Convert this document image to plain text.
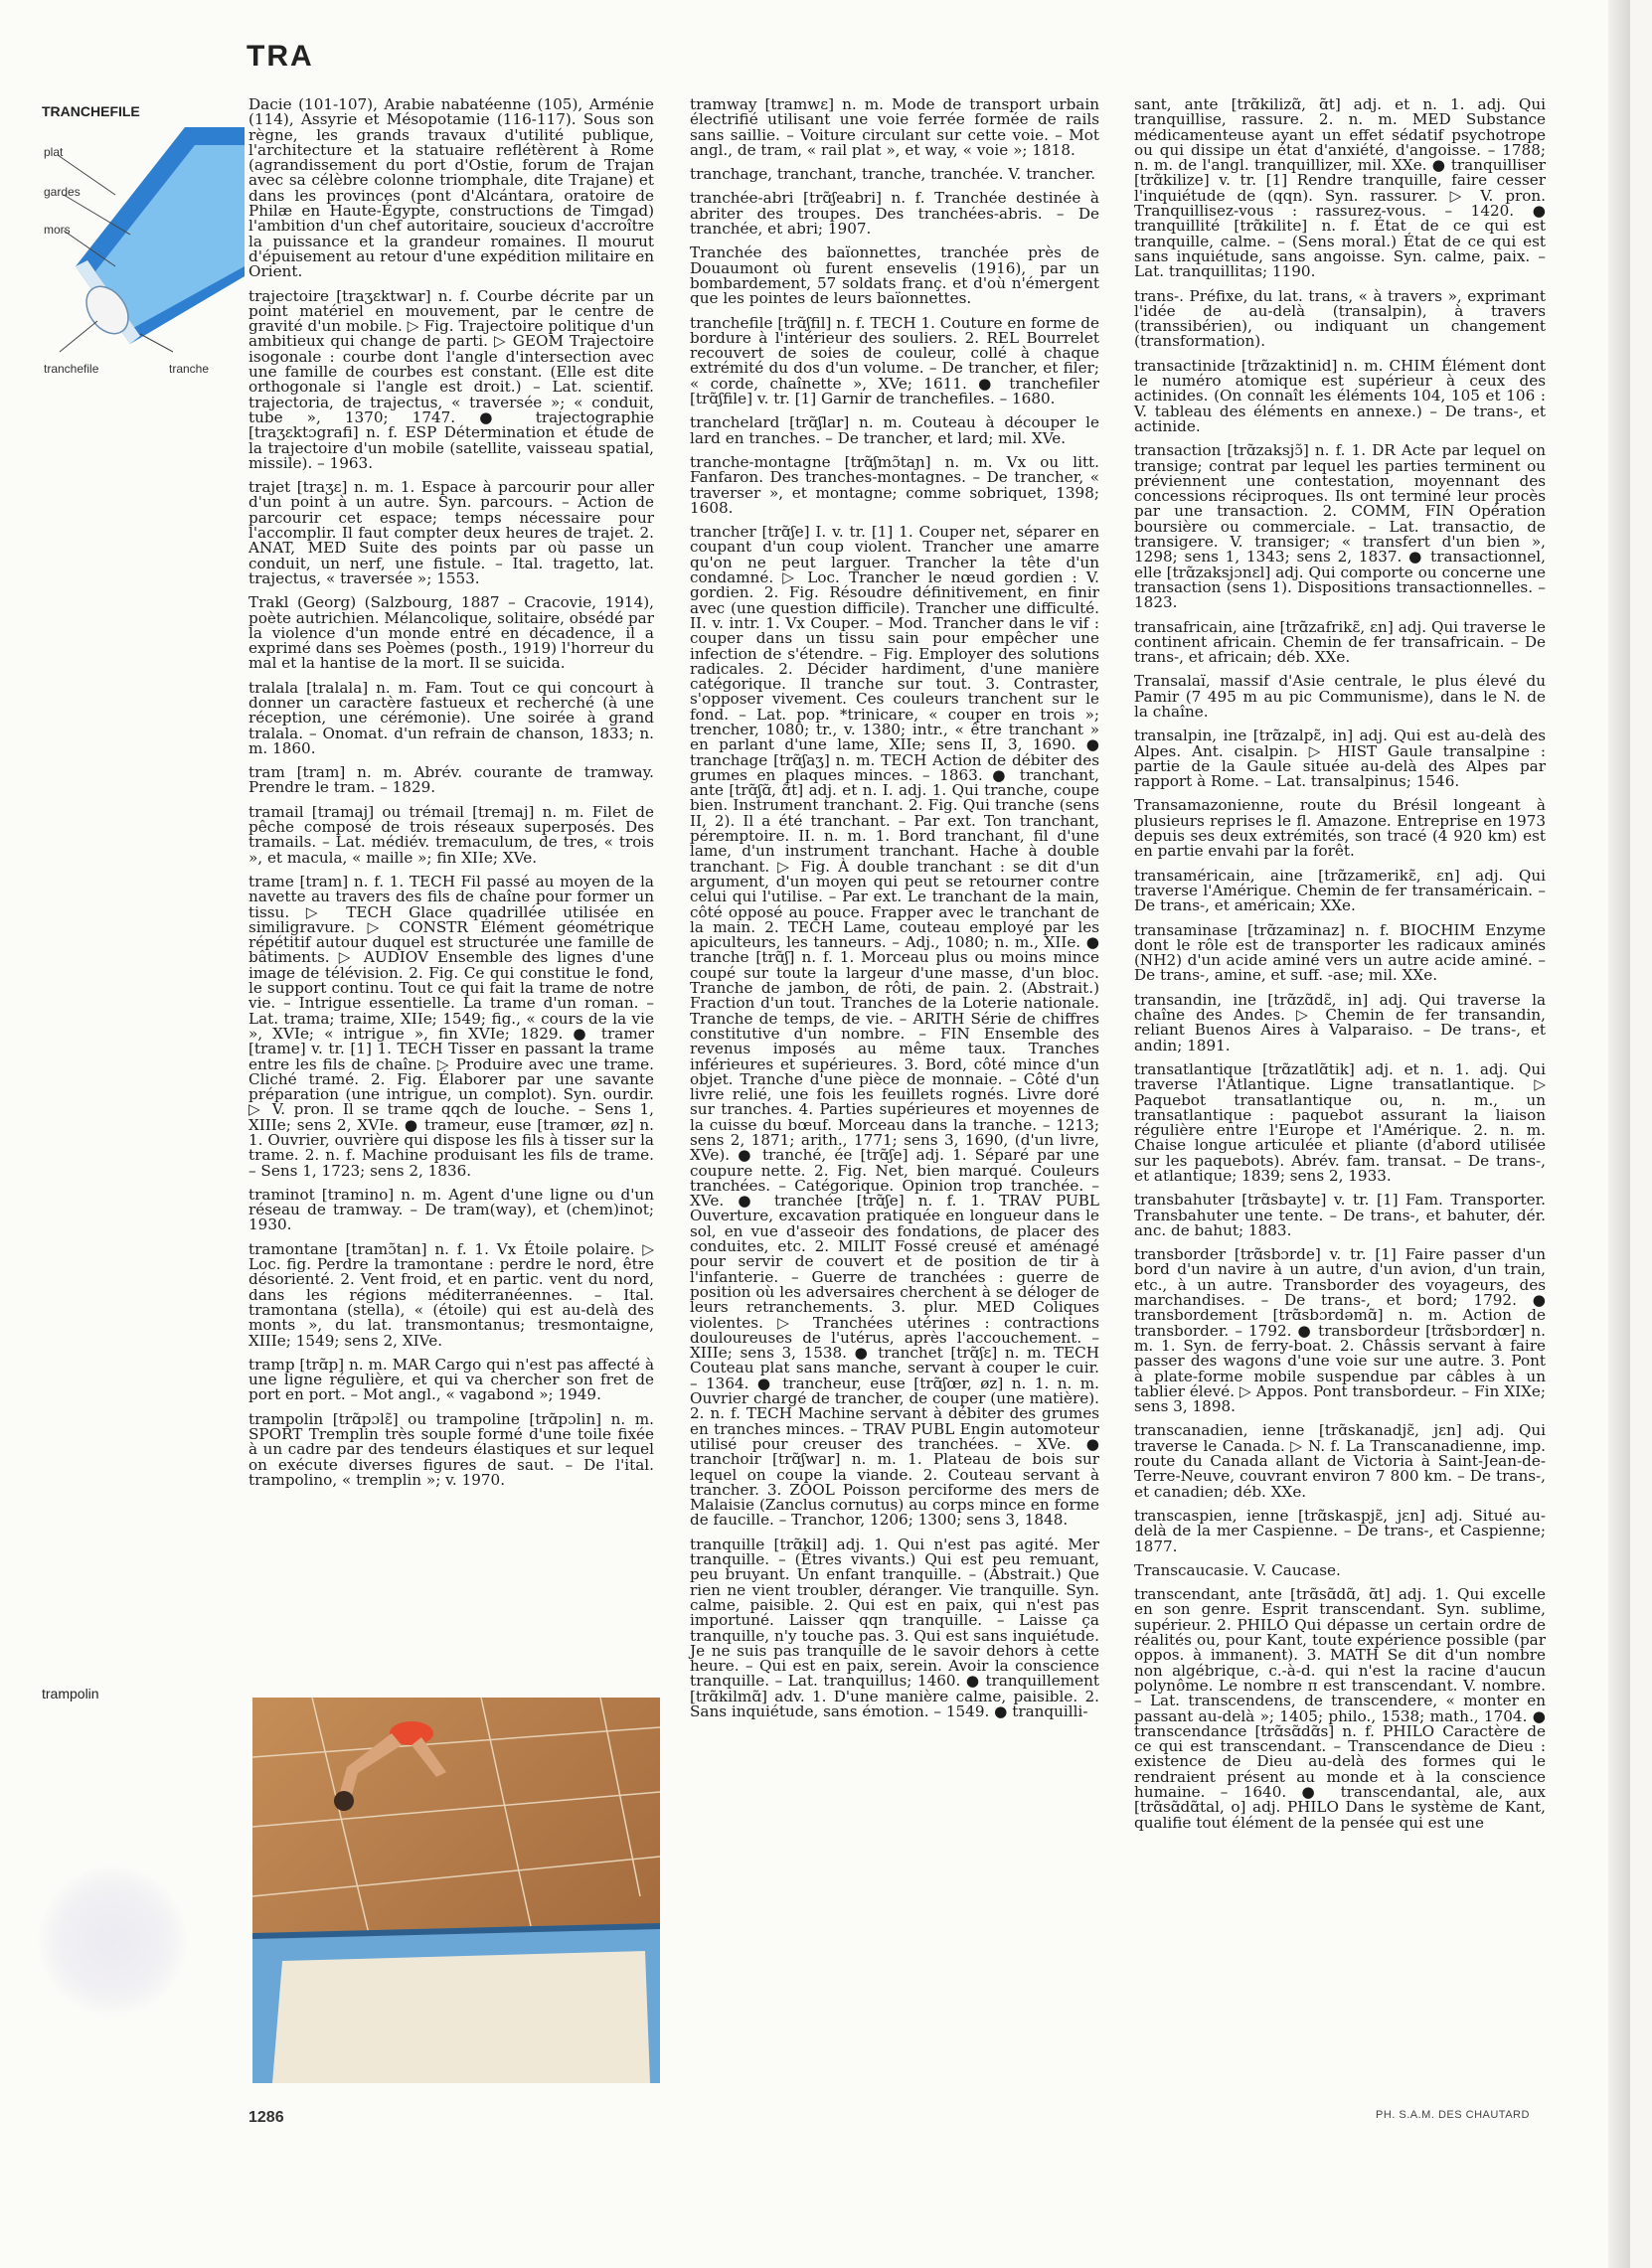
TRA
TRANCHEFILE
plat
gardes
mors
tranchefile	tranche
trampolin

Dacie (101-107), Arabie nabatéenne (105), Arménie (114), Assyrie et Mésopotamie (116-117). Sous son règne, les grands travaux d'utilité publique, l'architecture et la statuaire reflétèrent à Rome (agrandissement du port d'Ostie, forum de Trajan avec sa célèbre colonne triomphale, dite Trajane) et dans les provinces (pont d'Alcántara, oratoire de Philæ en Haute-Égypte, constructions de Timgad) l'ambition d'un chef autoritaire, soucieux d'accroître la puissance et la grandeur romaines. Il mourut d'épuisement au retour d'une expédition militaire en Orient.

trajectoire [traʒɛktwar] n. f. Courbe décrite par un point matériel en mouvement, par le centre de gravité d'un mobile. ▷ Fig. Trajectoire politique d'un ambitieux qui change de parti. ▷ GEOM Trajectoire isogonale : courbe dont l'angle d'intersection avec une famille de courbes est constant. (Elle est dite orthogonale si l'angle est droit.) – Lat. scientif. trajectoria, de trajectus, « traversée »; « conduit, tube », 1370; 1747. ● trajectographie [traʒɛktɔgrafi] n. f. ESP Détermination et étude de la trajectoire d'un mobile (satellite, vaisseau spatial, missile). – 1963.

trajet [traʒɛ] n. m. 1. Espace à parcourir pour aller d'un point à un autre. Syn. parcours. – Action de parcourir cet espace; temps nécessaire pour l'accomplir. Il faut compter deux heures de trajet. 2. ANAT, MED Suite des points par où passe un conduit, un nerf, une fistule. – Ital. tragetto, lat. trajectus, « traversée »; 1553.

Trakl (Georg) (Salzbourg, 1887 – Cracovie, 1914), poète autrichien. Mélancolique, solitaire, obsédé par la violence d'un monde entré en décadence, il a exprimé dans ses Poèmes (posth., 1919) l'horreur du mal et la hantise de la mort. Il se suicida.

tralala [tralala] n. m. Fam. Tout ce qui concourt à donner un caractère fastueux et recherché (à une réception, une cérémonie). Une soirée à grand tralala. – Onomat. d'un refrain de chanson, 1833; n. m. 1860.

tram [tram] n. m. Abrév. courante de tramway. Prendre le tram. – 1829.

tramail [tramaj] ou trémail [tremaj] n. m. Filet de pêche composé de trois réseaux superposés. Des tramails. – Lat. médiév. tremaculum, de tres, « trois », et macula, « maille »; fin XIIe; XVe.

trame [tram] n. f. 1. TECH Fil passé au moyen de la navette au travers des fils de chaîne pour former un tissu. ▷ TECH Glace quadrillée utilisée en similigravure. ▷ CONSTR Élément géométrique répétitif autour duquel est structurée une famille de bâtiments. ▷ AUDIOV Ensemble des lignes d'une image de télévision. 2. Fig. Ce qui constitue le fond, le support continu. Tout ce qui fait la trame de notre vie. – Intrigue essentielle. La trame d'un roman. – Lat. trama; traime, XIIe; 1549; fig., « cours de la vie », XVIe; « intrigue », fin XVIe; 1829. ● tramer [trame] v. tr. [1] 1. TECH Tisser en passant la trame entre les fils de chaîne. ▷ Produire avec une trame. Cliché tramé. 2. Fig. Élaborer par une savante préparation (une intrigue, un complot). Syn. ourdir. ▷ V. pron. Il se trame qqch de louche. – Sens 1, XIIIe; sens 2, XVIe. ● trameur, euse [tramœr, øz] n. 1. Ouvrier, ouvrière qui dispose les fils à tisser sur la trame. 2. n. f. Machine produisant les fils de trame. – Sens 1, 1723; sens 2, 1836.

traminot [tramino] n. m. Agent d'une ligne ou d'un réseau de tramway. – De tram(way), et (chem)inot; 1930.

tramontane [tramɔ̃tan] n. f. 1. Vx Étoile polaire. ▷ Loc. fig. Perdre la tramontane : perdre le nord, être désorienté. 2. Vent froid, et en partic. vent du nord, dans les régions méditerranéennes. – Ital. tramontana (stella), « (étoile) qui est au-delà des monts », du lat. transmontanus; tresmontaigne, XIIIe; 1549; sens 2, XIVe.

tramp [trɑ̃p] n. m. MAR Cargo qui n'est pas affecté à une ligne régulière, et qui va chercher son fret de port en port. – Mot angl., « vagabond »; 1949.

trampolin [trɑ̃pɔlɛ̃] ou trampoline [trɑ̃pɔlin] n. m. SPORT Tremplin très souple formé d'une toile fixée à un cadre par des tendeurs élastiques et sur lequel on exécute diverses figures de saut. – De l'ital. trampolino, « tremplin »; v. 1970.

tramway [tramwɛ] n. m. Mode de transport urbain électrifié utilisant une voie ferrée formée de rails sans saillie. – Voiture circulant sur cette voie. – Mot angl., de tram, « rail plat », et way, « voie »; 1818.

tranchage, tranchant, tranche, tranchée. V. trancher.

tranchée-abri [trɑ̃ʃeabri] n. f. Tranchée destinée à abriter des troupes. Des tranchées-abris. – De tranchée, et abri; 1907.

Tranchée des baïonnettes, tranchée près de Douaumont où furent ensevelis (1916), par un bombardement, 57 soldats franç. et d'où n'émergent que les pointes de leurs baïonnettes.

tranchefile [trɑ̃ʃfil] n. f. TECH 1. Couture en forme de bordure à l'intérieur des souliers. 2. REL Bourrelet recouvert de soies de couleur, collé à chaque extrémité du dos d'un volume. – De trancher, et filer; « corde, chaînette », XVe; 1611. ● tranchefiler [trɑ̃ʃfile] v. tr. [1] Garnir de tranchefiles. – 1680.

tranchelard [trɑ̃ʃlar] n. m. Couteau à découper le lard en tranches. – De trancher, et lard; mil. XVe.

tranche-montagne [trɑ̃ʃmɔ̃taɲ] n. m. Vx ou litt. Fanfaron. Des tranches-montagnes. – De trancher, « traverser », et montagne; comme sobriquet, 1398; 1608.

trancher [trɑ̃ʃe] I. v. tr. [1] 1. Couper net, séparer en coupant d'un coup violent. Trancher une amarre qu'on ne peut larguer. Trancher la tête d'un condamné. ▷ Loc. Trancher le nœud gordien : V. gordien. 2. Fig. Résoudre définitivement, en finir avec (une question difficile). Trancher une difficulté. II. v. intr. 1. Vx Couper. – Mod. Trancher dans le vif : couper dans un tissu sain pour empêcher une infection de s'étendre. – Fig. Employer des solutions radicales. 2. Décider hardiment, d'une manière catégorique. Il tranche sur tout. 3. Contraster, s'opposer vivement. Ces couleurs tranchent sur le fond. – Lat. pop. *trinicare, « couper en trois »; trencher, 1080; tr., v. 1380; intr., « être tranchant » en parlant d'une lame, XIIe; sens II, 3, 1690. ● tranchage [trɑ̃ʃaʒ] n. m. TECH Action de débiter des grumes en plaques minces. – 1863. ● tranchant, ante [trɑ̃ʃɑ̃, ɑ̃t] adj. et n. I. adj. 1. Qui tranche, coupe bien. Instrument tranchant. 2. Fig. Qui tranche (sens II, 2). Il a été tranchant. – Par ext. Ton tranchant, péremptoire. II. n. m. 1. Bord tranchant, fil d'une lame, d'un instrument tranchant. Hache à double tranchant. ▷ Fig. À double tranchant : se dit d'un argument, d'un moyen qui peut se retourner contre celui qui l'utilise. – Par ext. Le tranchant de la main, côté opposé au pouce. Frapper avec le tranchant de la main. 2. TECH Lame, couteau employé par les apiculteurs, les tanneurs. – Adj., 1080; n. m., XIIe. ● tranche [trɑ̃ʃ] n. f. 1. Morceau plus ou moins mince coupé sur toute la largeur d'une masse, d'un bloc. Tranche de jambon, de rôti, de pain. 2. (Abstrait.) Fraction d'un tout. Tranches de la Loterie nationale. Tranche de temps, de vie. – ARITH Série de chiffres constitutive d'un nombre. – FIN Ensemble des revenus imposés au même taux. Tranches inférieures et supérieures. 3. Bord, côté mince d'un objet. Tranche d'une pièce de monnaie. – Côté d'un livre relié, une fois les feuillets rognés. Livre doré sur tranches. 4. Parties supérieures et moyennes de la cuisse du bœuf. Morceau dans la tranche. – 1213; sens 2, 1871; arith., 1771; sens 3, 1690, (d'un livre, XVe). ● tranché, ée [trɑ̃ʃe] adj. 1. Séparé par une coupure nette. 2. Fig. Net, bien marqué. Couleurs tranchées. – Catégorique. Opinion trop tranchée. – XVe. ● tranchée [trɑ̃ʃe] n. f. 1. TRAV PUBL Ouverture, excavation pratiquée en longueur dans le sol, en vue d'asseoir des fondations, de placer des conduites, etc. 2. MILIT Fossé creusé et aménagé pour servir de couvert et de position de tir à l'infanterie. – Guerre de tranchées : guerre de position où les adversaires cherchent à se déloger de leurs retranchements. 3. plur. MED Coliques violentes. ▷ Tranchées utérines : contractions douloureuses de l'utérus, après l'accouchement. – XIIIe; sens 3, 1538. ● tranchet [trɑ̃ʃɛ] n. m. TECH Couteau plat sans manche, servant à couper le cuir. – 1364. ● trancheur, euse [trɑ̃ʃœr, øz] n. 1. n. m. Ouvrier chargé de trancher, de couper (une matière). 2. n. f. TECH Machine servant à débiter des grumes en tranches minces. – TRAV PUBL Engin automoteur utilisé pour creuser des tranchées. – XVe. ● tranchoir [trɑ̃ʃwar] n. m. 1. Plateau de bois sur lequel on coupe la viande. 2. Couteau servant à trancher. 3. ZOOL Poisson perciforme des mers de Malaisie (Zanclus cornutus) au corps mince en forme de faucille. – Tranchor, 1206; 1300; sens 3, 1848.

tranquille [trɑ̃kil] adj. 1. Qui n'est pas agité. Mer tranquille. – (Êtres vivants.) Qui est peu remuant, peu bruyant. Un enfant tranquille. – (Abstrait.) Que rien ne vient troubler, déranger. Vie tranquille. Syn. calme, paisible. 2. Qui est en paix, qui n'est pas importuné. Laisser qqn tranquille. – Laisse ça tranquille, n'y touche pas. 3. Qui est sans inquiétude. Je ne suis pas tranquille de le savoir dehors à cette heure. – Qui est en paix, serein. Avoir la conscience tranquille. – Lat. tranquillus; 1460. ● tranquillement [trɑ̃kilmɑ̃] adv. 1. D'une manière calme, paisible. 2. Sans inquiétude, sans émotion. – 1549. ● tranquilli-

sant, ante [trɑ̃kilizɑ̃, ɑ̃t] adj. et n. 1. adj. Qui tranquillise, rassure. 2. n. m. MED Substance médicamenteuse ayant un effet sédatif psychotrope ou qui dissipe un état d'anxiété, d'angoisse. – 1788; n. m. de l'angl. tranquillizer, mil. XXe. ● tranquilliser [trɑ̃kilize] v. tr. [1] Rendre tranquille, faire cesser l'inquiétude de (qqn). Syn. rassurer. ▷ V. pron. Tranquillisez-vous : rassurez-vous. – 1420. ● tranquillité [trɑ̃kilite] n. f. État de ce qui est tranquille, calme. – (Sens moral.) État de ce qui est sans inquiétude, sans angoisse. Syn. calme, paix. – Lat. tranquillitas; 1190.

trans-. Préfixe, du lat. trans, « à travers », exprimant l'idée de au-delà (transalpin), à travers (transsibérien), ou indiquant un changement (transformation).

transactinide [trɑ̃zaktinid] n. m. CHIM Élément dont le numéro atomique est supérieur à ceux des actinides. (On connaît les éléments 104, 105 et 106 : V. tableau des éléments en annexe.) – De trans-, et actinide.

transaction [trɑ̃zaksjɔ̃] n. f. 1. DR Acte par lequel on transige; contrat par lequel les parties terminent ou préviennent une contestation, moyennant des concessions réciproques. Ils ont terminé leur procès par une transaction. 2. COMM, FIN Opération boursière ou commerciale. – Lat. transactio, de transigere. V. transiger; « transfert d'un bien », 1298; sens 1, 1343; sens 2, 1837. ● transactionnel, elle [trɑ̃zaksjɔnɛl] adj. Qui comporte ou concerne une transaction (sens 1). Dispositions transactionnelles. – 1823.

transafricain, aine [trɑ̃zafrikɛ̃, ɛn] adj. Qui traverse le continent africain. Chemin de fer transafricain. – De trans-, et africain; déb. XXe.

Transalaï, massif d'Asie centrale, le plus élevé du Pamir (7 495 m au pic Communisme), dans le N. de la chaîne.

transalpin, ine [trɑ̃zalpɛ̃, in] adj. Qui est au-delà des Alpes. Ant. cisalpin. ▷ HIST Gaule transalpine : partie de la Gaule située au-delà des Alpes par rapport à Rome. – Lat. transalpinus; 1546.

Transamazonienne, route du Brésil longeant à plusieurs reprises le fl. Amazone. Entreprise en 1973 depuis ses deux extrémités, son tracé (4 920 km) est en partie envahi par la forêt.

transaméricain, aine [trɑ̃zamerikɛ̃, ɛn] adj. Qui traverse l'Amérique. Chemin de fer transaméricain. – De trans-, et américain; XXe.

transaminase [trɑ̃zaminaz] n. f. BIOCHIM Enzyme dont le rôle est de transporter les radicaux aminés (NH2) d'un acide aminé vers un autre acide aminé. – De trans-, amine, et suff. -ase; mil. XXe.

transandin, ine [trɑ̃zɑ̃dɛ̃, in] adj. Qui traverse la chaîne des Andes. ▷ Chemin de fer transandin, reliant Buenos Aires à Valparaiso. – De trans-, et andin; 1891.

transatlantique [trɑ̃zatlɑ̃tik] adj. et n. 1. adj. Qui traverse l'Atlantique. Ligne transatlantique. ▷ Paquebot transatlantique ou, n. m., un transatlantique : paquebot assurant la liaison régulière entre l'Europe et l'Amérique. 2. n. m. Chaise longue articulée et pliante (d'abord utilisée sur les paquebots). Abrév. fam. transat. – De trans-, et atlantique; 1839; sens 2, 1933.

transbahuter [trɑ̃sbayte] v. tr. [1] Fam. Transporter. Transbahuter une tente. – De trans-, et bahuter, dér. anc. de bahut; 1883.

transborder [trɑ̃sbɔrde] v. tr. [1] Faire passer d'un bord d'un navire à un autre, d'un avion, d'un train, etc., à un autre. Transborder des voyageurs, des marchandises. – De trans-, et bord; 1792. ● transbordement [trɑ̃sbɔrdəmɑ̃] n. m. Action de transborder. – 1792. ● transbordeur [trɑ̃sbɔrdœr] n. m. 1. Syn. de ferry-boat. 2. Châssis servant à faire passer des wagons d'une voie sur une autre. 3. Pont à plate-forme mobile suspendue par câbles à un tablier élevé. ▷ Appos. Pont transbordeur. – Fin XIXe; sens 3, 1898.

transcanadien, ienne [trɑ̃skanadjɛ̃, jɛn] adj. Qui traverse le Canada. ▷ N. f. La Transcanadienne, imp. route du Canada allant de Victoria à Saint-Jean-de-Terre-Neuve, couvrant environ 7 800 km. – De trans-, et canadien; déb. XXe.

transcaspien, ienne [trɑ̃skaspjɛ̃, jɛn] adj. Situé au-delà de la mer Caspienne. – De trans-, et Caspienne; 1877.

Transcaucasie. V. Caucase.

transcendant, ante [trɑ̃sɑ̃dɑ̃, ɑ̃t] adj. 1. Qui excelle en son genre. Esprit transcendant. Syn. sublime, supérieur. 2. PHILO Qui dépasse un certain ordre de réalités ou, pour Kant, toute expérience possible (par oppos. à immanent). 3. MATH Se dit d'un nombre non algébrique, c.-à-d. qui n'est la racine d'aucun polynôme. Le nombre π est transcendant. V. nombre. – Lat. transcendens, de transcendere, « monter en passant au-delà »; 1405; philo., 1538; math., 1704. ● transcendance [trɑ̃sɑ̃dɑ̃s] n. f. PHILO Caractère de ce qui est transcendant. – Transcendance de Dieu : existence de Dieu au-delà des formes qui le rendraient présent au monde et à la conscience humaine. – 1640. ● transcendantal, ale, aux [trɑ̃sɑ̃dɑ̃tal, o] adj. PHILO Dans le système de Kant, qualifie tout élément de la pensée qui est une

1286	PH. S.A.M. DES CHAUTARD
